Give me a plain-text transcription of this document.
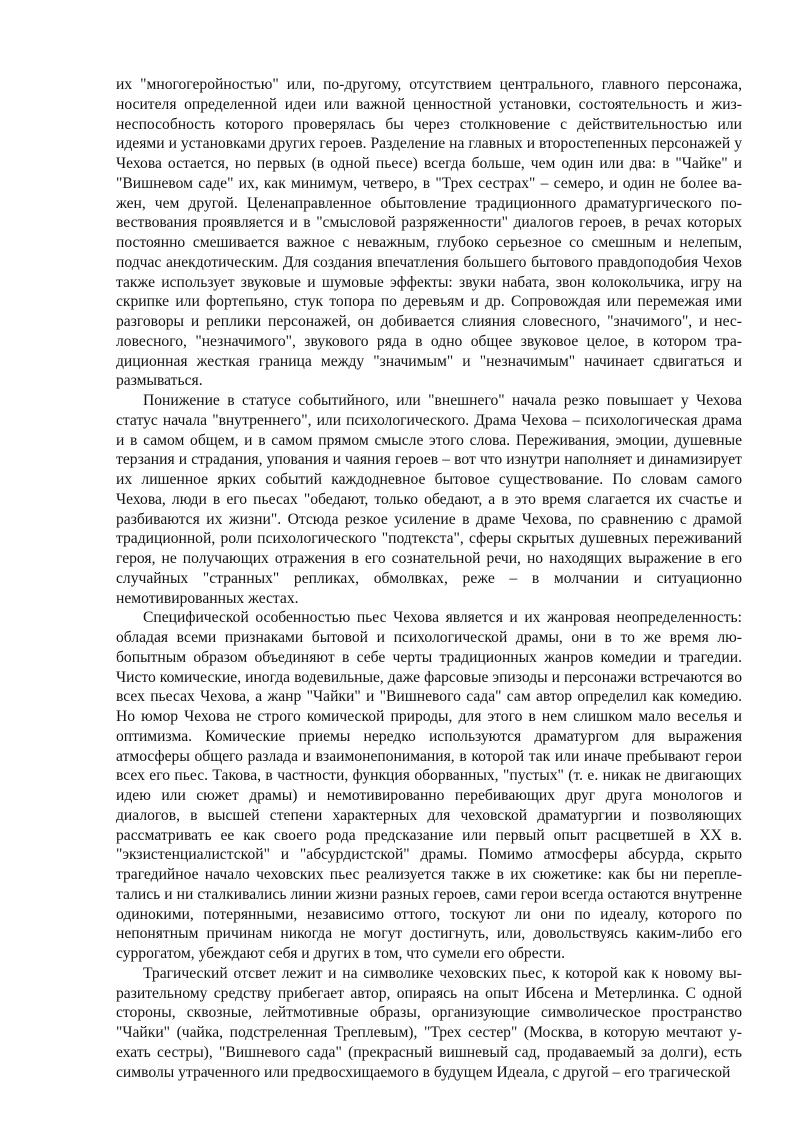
их "многогеройностью" или, по-другому, отсутствием центрального, главного персонажа, носителя определенной идеи или важной ценностной установки, состоятельность и жизнеспособность которого проверялась бы через столкновение с действительностью или идеями и установками других героев. Разделение на главных и второстепенных персонажей у Чехова остается, но первых (в одной пьесе) всегда больше, чем один или два: в "Чайке" и "Вишневом саде" их, как минимум, четверо, в "Трех сестрах" – семеро, и один не более важен, чем другой. Целенаправленное обытовление традиционного драматургического повествования проявляется и в "смысловой разряженности" диалогов героев, в речах которых постоянно смешивается важное с неважным, глубоко серьезное со смешным и нелепым, подчас анекдотическим. Для создания впечатления большего бытового правдоподобия Чехов также использует звуковые и шумовые эффекты: звуки набата, звон колокольчика, игру на скрипке или фортепьяно, стук топора по деревьям и др. Сопровождая или перемежая ими разговоры и реплики персонажей, он добивается слияния словесного, "значимого", и несловесного, "незначимого", звукового ряда в одно общее звуковое целое, в котором традиционная жесткая граница между "значимым" и "незначимым" начинает сдвигаться и размываться.

Понижение в статусе событийного, или "внешнего" начала резко повышает у Чехова статус начала "внутреннего", или психологического. Драма Чехова – психологическая драма и в самом общем, и в самом прямом смысле этого слова. Переживания, эмоции, душевные терзания и страдания, упования и чаяния героев – вот что изнутри наполняет и динамизирует их лишенное ярких событий каждодневное бытовое существование. По словам самого Чехова, люди в его пьесах "обедают, только обедают, а в это время слагается их счастье и разбиваются их жизни". Отсюда резкое усиление в драме Чехова, по сравнению с драмой традиционной, роли психологического "подтекста", сферы скрытых душевных переживаний героя, не получающих отражения в его сознательной речи, но находящих выражение в его случайных "странных" репликах, обмолвках, реже – в молчании и ситуационно немотивированных жестах.

Специфической особенностью пьес Чехова является и их жанровая неопределенность: обладая всеми признаками бытовой и психологической драмы, они в то же время любопытным образом объединяют в себе черты традиционных жанров комедии и трагедии. Чисто комические, иногда водевильные, даже фарсовые эпизоды и персонажи встречаются во всех пьесах Чехова, а жанр "Чайки" и "Вишневого сада" сам автор определил как комедию. Но юмор Чехова не строго комической природы, для этого в нем слишком мало веселья и оптимизма. Комические приемы нередко используются драматургом для выражения атмосферы общего разлада и взаимонепонимания, в которой так или иначе пребывают герои всех его пьес. Такова, в частности, функция оборванных, "пустых" (т. е. никак не двигающих идею или сюжет драмы) и немотивированно перебивающих друг друга монологов и диалогов, в высшей степени характерных для чеховской драматургии и позволяющих рассматривать ее как своего рода предсказание или первый опыт расцветшей в XX в. "экзистенциалистской" и "абсурдистской" драмы. Помимо атмосферы абсурда, скрыто трагедийное начало чеховских пьес реализуется также в их сюжетике: как бы ни переплетались и ни сталкивались линии жизни разных героев, сами герои всегда остаются внутренне одинокими, потерянными, независимо оттого, тоскуют ли они по идеалу, которого по непонятным причинам никогда не могут достигнуть, или, довольствуясь каким-либо его суррогатом, убеждают себя и других в том, что сумели его обрести.

Трагический отсвет лежит и на символике чеховских пьес, к которой как к новому выразительному средству прибегает автор, опираясь на опыт Ибсена и Метерлинка. С одной стороны, сквозные, лейтмотивные образы, организующие символическое пространство "Чайки" (чайка, подстреленная Треплевым), "Трех сестер" (Москва, в которую мечтают уехать сестры), "Вишневого сада" (прекрасный вишневый сад, продаваемый за долги), есть символы утраченного или предвосхищаемого в будущем Идеала, с другой – его трагической
